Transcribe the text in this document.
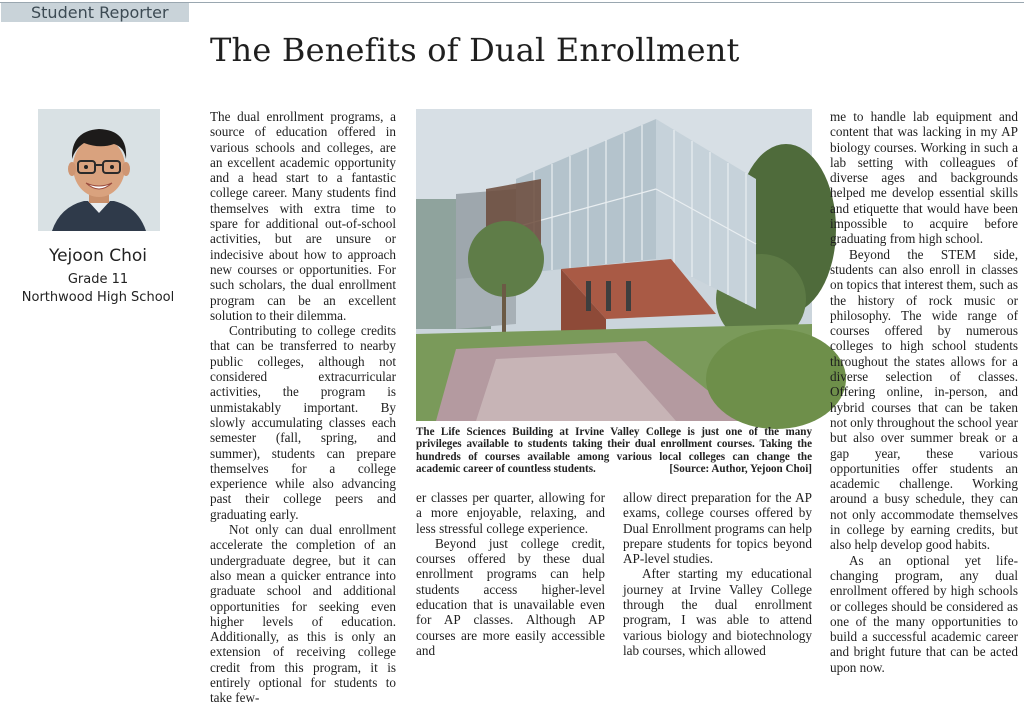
Student Reporter
The Benefits of Dual Enrollment
Yejoon Choi
Grade 11
Northwood High School

The dual enrollment programs, a source of education offered in various schools and colleges, are an excellent academic opportunity and a head start to a fantastic college career. Many students find themselves with extra time to spare for additional out-of-school activities, but are unsure or indecisive about how to approach new courses or opportunities. For such scholars, the dual enrollment program can be an excellent solution to their dilemma.

Contributing to college credits that can be transferred to nearby public colleges, although not considered extracurricular activities, the program is unmistakably important. By slowly accumulating classes each semester (fall, spring, and summer), students can prepare themselves for a college experience while also advancing past their college peers and graduating early.

Not only can dual enrollment accelerate the completion of an undergraduate degree, but it can also mean a quicker entrance into graduate school and additional opportunities for seeking even higher levels of education. Additionally, as this is only an extension of receiving college credit from this program, it is entirely optional for students to take few-

The Life Sciences Building at Irvine Valley College is just one of the many privileges available to students taking their dual enrollment courses. Taking the hundreds of courses available among various local colleges can change the academic career of countless students.	[Source: Author, Yejoon Choi]

er classes per quarter, allowing for a more enjoyable, relaxing, and less stressful college experience.

Beyond just college credit, courses offered by these dual enrollment programs can help students access higher-level education that is unavailable even for AP classes. Although AP courses are more easily accessible and

allow direct preparation for the AP exams, college courses offered by Dual Enrollment programs can help prepare students for topics beyond AP-level studies.

After starting my educational journey at Irvine Valley College through the dual enrollment program, I was able to attend various biology and biotechnology lab courses, which allowed

me to handle lab equipment and content that was lacking in my AP biology courses. Working in such a lab setting with colleagues of diverse ages and backgrounds helped me develop essential skills and etiquette that would have been impossible to acquire before graduating from high school.

Beyond the STEM side, students can also enroll in classes on topics that interest them, such as the history of rock music or philosophy. The wide range of courses offered by numerous colleges to high school students throughout the states allows for a diverse selection of classes. Offering online, in-person, and hybrid courses that can be taken not only throughout the school year but also over summer break or a gap year, these various opportunities offer students an academic challenge. Working around a busy schedule, they can not only accommodate themselves in college by earning credits, but also help develop good habits.

As an optional yet life-changing program, any dual enrollment offered by high schools or colleges should be considered as one of the many opportunities to build a successful academic career and bright future that can be acted upon now.
